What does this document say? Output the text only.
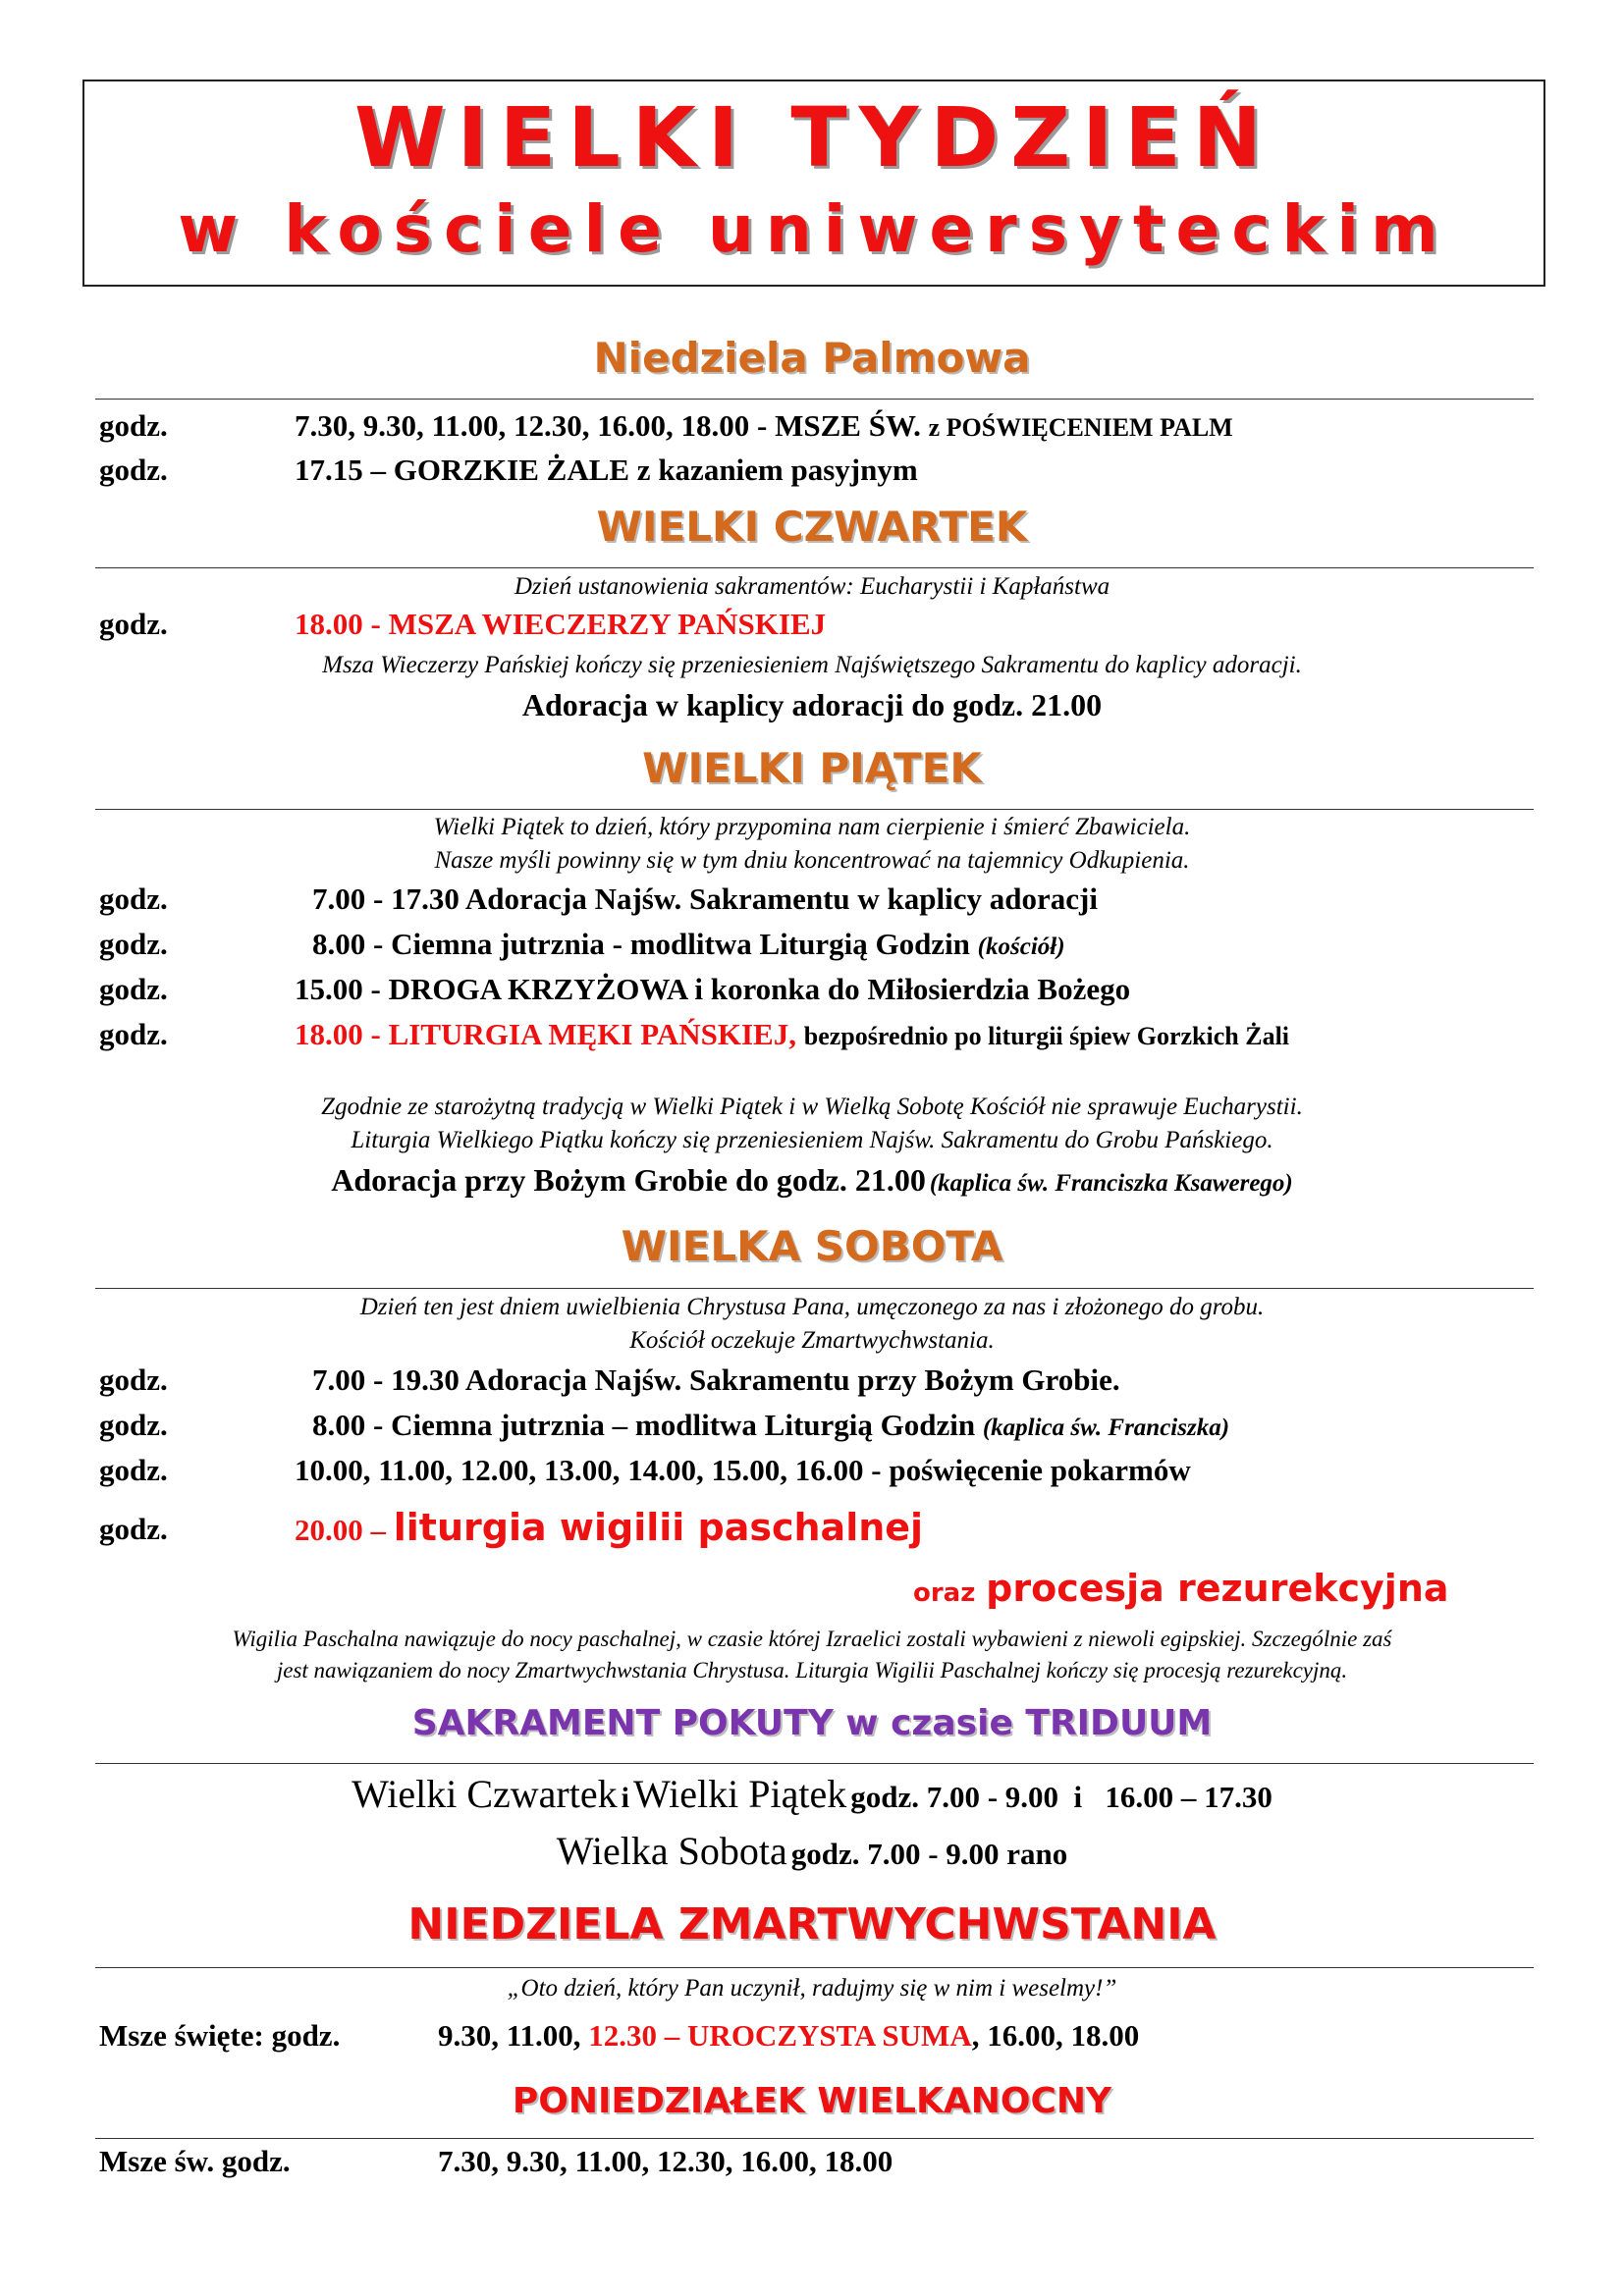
WIELKI TYDZIEŃ
w kościele uniwersyteckim
Niedziela Palmowa
godz.	7.30, 9.30, 11.00, 12.30, 16.00, 18.00 - MSZE ŚW. z POŚWIĘCENIEM PALM
godz.	17.15 – GORZKIE ŻALE z kazaniem pasyjnym
WIELKI CZWARTEK
Dzień ustanowienia sakramentów: Eucharystii i Kapłaństwa
godz.	18.00 - MSZA WIECZERZY PAŃSKIEJ
Msza Wieczerzy Pańskiej kończy się przeniesieniem Najświętszego Sakramentu do kaplicy adoracji.
Adoracja w kaplicy adoracji do godz. 21.00
WIELKI PIĄTEK
Wielki Piątek to dzień, który przypomina nam cierpienie i śmierć Zbawiciela.
Nasze myśli powinny się w tym dniu koncentrować na tajemnicy Odkupienia.
godz.	7.00 - 17.30 Adoracja Najśw. Sakramentu w kaplicy adoracji
godz.	8.00 - Ciemna jutrznia - modlitwa Liturgią Godzin (kościół)
godz.	15.00 - DROGA KRZYŻOWA i koronka do Miłosierdzia Bożego
godz.	18.00 - LITURGIA MĘKI PAŃSKIEJ, bezpośrednio po liturgii śpiew Gorzkich Żali
Zgodnie ze starożytną tradycją w Wielki Piątek i w Wielką Sobotę Kościół nie sprawuje Eucharystii.
Liturgia Wielkiego Piątku kończy się przeniesieniem Najśw. Sakramentu do Grobu Pańskiego.
Adoracja przy Bożym Grobie do godz. 21.00 (kaplica św. Franciszka Ksawerego)
WIELKA SOBOTA
Dzień ten jest dniem uwielbienia Chrystusa Pana, umęczonego za nas i złożonego do grobu.
Kościół oczekuje Zmartwychwstania.
godz.	7.00 - 19.30 Adoracja Najśw. Sakramentu przy Bożym Grobie.
godz.	8.00 - Ciemna jutrznia – modlitwa Liturgią Godzin (kaplica św. Franciszka)
godz.	10.00, 11.00, 12.00, 13.00, 14.00, 15.00, 16.00 - poświęcenie pokarmów
godz.	20.00 – liturgia wigilii paschalnej
oraz procesja rezurekcyjna
Wigilia Paschalna nawiązuje do nocy paschalnej, w czasie której Izraelici zostali wybawieni z niewoli egipskiej. Szczególnie zaś
jest nawiązaniem do nocy Zmartwychwstania Chrystusa. Liturgia Wigilii Paschalnej kończy się procesją rezurekcyjną.
SAKRAMENT POKUTY w czasie TRIDUUM
Wielki Czwartek i Wielki Piątek godz. 7.00 - 9.00  i   16.00 – 17.30
Wielka Sobota godz. 7.00 - 9.00 rano
NIEDZIELA ZMARTWYCHWSTANIA
„Oto dzień, który Pan uczynił, radujmy się w nim i weselmy!”
Msze święte: godz.	9.30, 11.00, 12.30 – UROCZYSTA SUMA, 16.00, 18.00
PONIEDZIAŁEK WIELKANOCNY
Msze św. godz.	7.30, 9.30, 11.00, 12.30, 16.00, 18.00
